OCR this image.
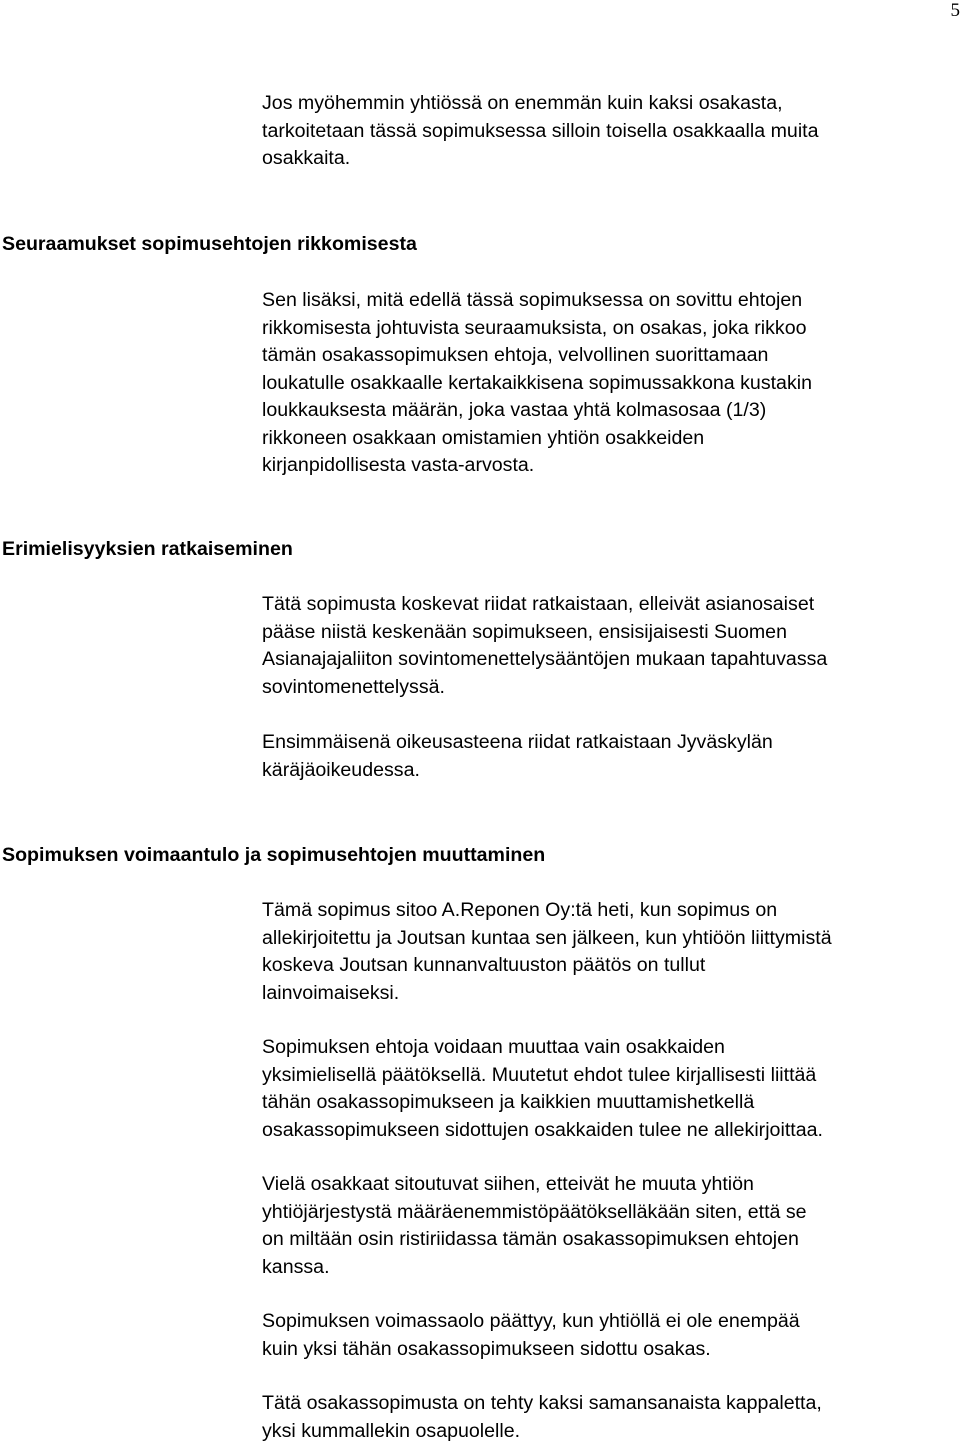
5

Jos myöhemmin yhtiössä on enemmän kuin kaksi osakasta,
tarkoitetaan tässä sopimuksessa silloin toisella osakkaalla muita
osakkaita.

Seuraamukset sopimusehtojen rikkomisesta

Sen lisäksi, mitä edellä tässä sopimuksessa on sovittu ehtojen
rikkomisesta johtuvista seuraamuksista, on osakas, joka rikkoo
tämän osakassopimuksen ehtoja, velvollinen suorittamaan
loukatulle osakkaalle kertakaikkisena sopimussakkona kustakin
loukkauksesta määrän, joka vastaa yhtä kolmasosaa (1/3)
rikkoneen osakkaan omistamien yhtiön osakkeiden
kirjanpidollisesta vasta-arvosta.

Erimielisyyksien ratkaiseminen

Tätä sopimusta koskevat riidat ratkaistaan, elleivät asianosaiset
pääse niistä keskenään sopimukseen, ensisijaisesti Suomen
Asianajajaliiton sovintomenettelysääntöjen mukaan tapahtuvassa
sovintomenettelyssä.

Ensimmäisenä oikeusasteena riidat ratkaistaan Jyväskylän
käräjäoikeudessa.

Sopimuksen voimaantulo ja sopimusehtojen muuttaminen

Tämä sopimus sitoo A.Reponen Oy:tä heti, kun sopimus on
allekirjoitettu ja Joutsan kuntaa sen jälkeen, kun yhtiöön liittymistä
koskeva Joutsan kunnanvaltuuston päätös on tullut
lainvoimaiseksi.

Sopimuksen ehtoja voidaan muuttaa vain osakkaiden
yksimielisellä päätöksellä. Muutetut ehdot tulee kirjallisesti liittää
tähän osakassopimukseen ja kaikkien muuttamishetkellä
osakassopimukseen sidottujen osakkaiden tulee ne allekirjoittaa.

Vielä osakkaat sitoutuvat siihen, etteivät he muuta yhtiön
yhtiöjärjestystä määräenemmistöpäätöksellä​kään siten, että se
on miltään osin ristiriidassa tämän osakassopimuksen ehtojen
kanssa.

Sopimuksen voimassaolo päättyy, kun yhtiöllä ei ole enempää
kuin yksi tähän osakassopimukseen sidottu osakas.

Tätä osakassopimusta on tehty kaksi samansanaista kappaletta,
yksi kummallekin osapuolelle.
